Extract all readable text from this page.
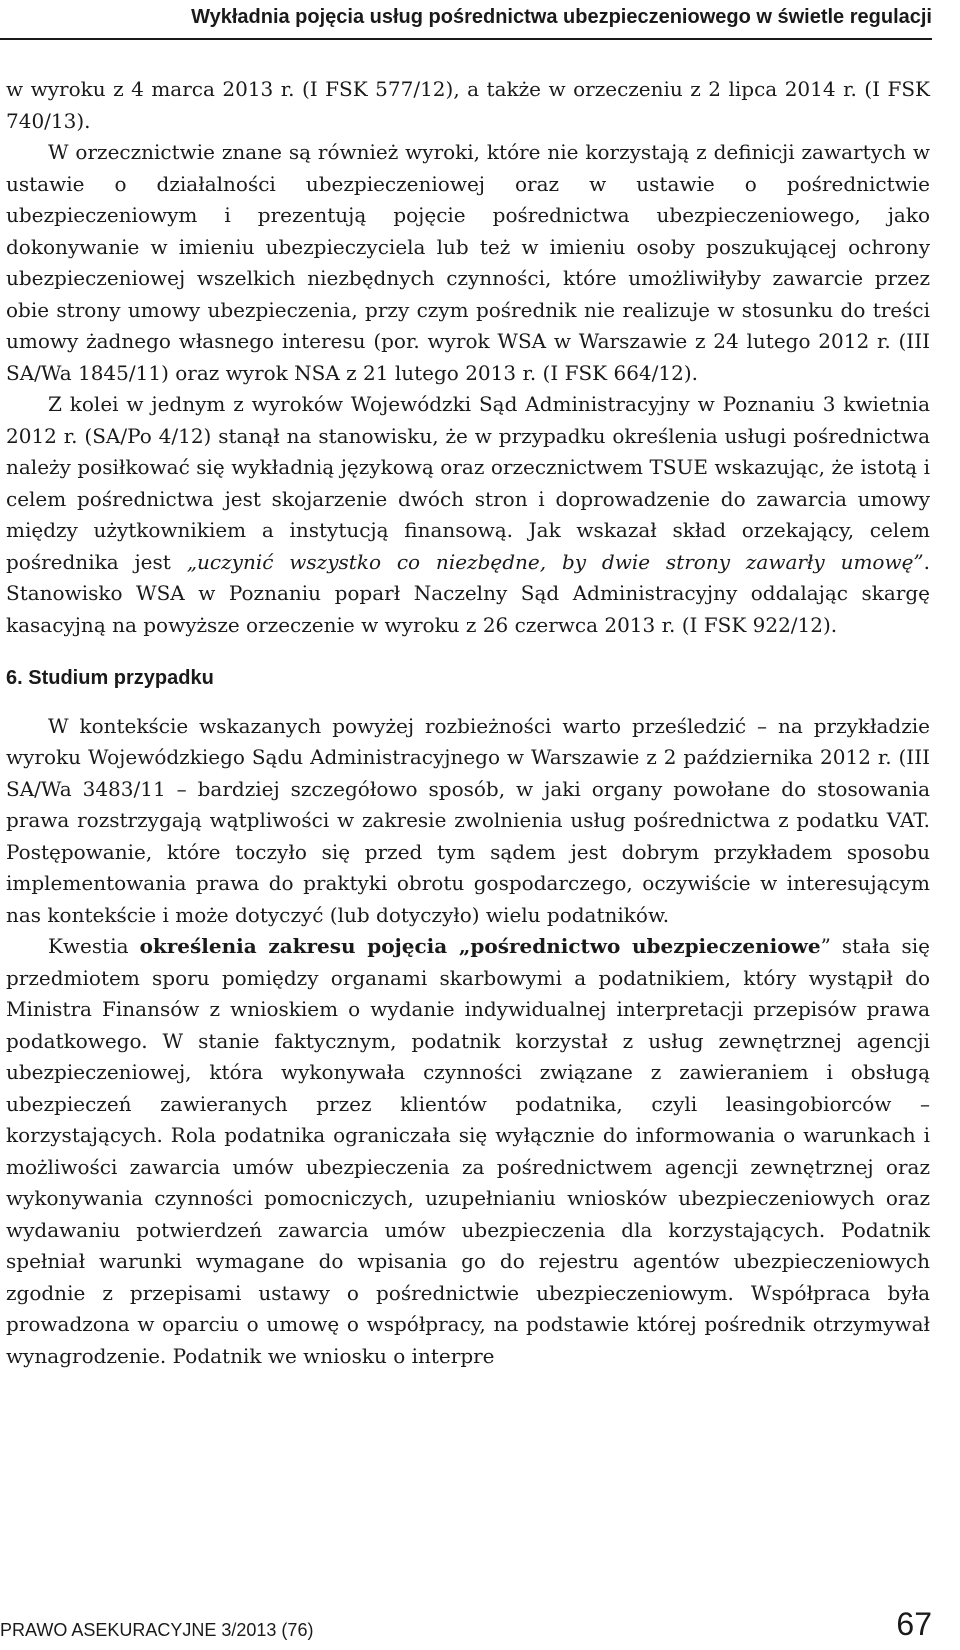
Wykładnia pojęcia usług pośrednictwa ubezpieczeniowego w świetle regulacji

w wyroku z 4 marca 2013 r. (I FSK 577/12), a także w orzeczeniu z 2 lipca 2014 r. (I FSK 740/13).

W orzecznictwie znane są również wyroki, które nie korzystają z definicji zawartych w ustawie o działalności ubezpieczeniowej oraz w ustawie o pośrednictwie ubezpieczeniowym i prezentują pojęcie pośrednictwa ubezpieczeniowego, jako dokonywanie w imieniu ubezpieczyciela lub też w imieniu osoby poszukującej ochrony ubezpieczeniowej wszelkich niezbędnych czynności, które umożliwiłyby zawarcie przez obie strony umowy ubezpieczenia, przy czym pośrednik nie realizuje w stosunku do treści umowy żadnego własnego interesu (por. wyrok WSA w Warszawie z 24 lutego 2012 r. (III SA/Wa 1845/11) oraz wyrok NSA z 21 lutego 2013 r. (I FSK 664/12).

Z kolei w jednym z wyroków Wojewódzki Sąd Administracyjny w Poznaniu 3 kwietnia 2012 r. (SA/Po 4/12) stanął na stanowisku, że w przypadku określenia usługi pośrednictwa należy posiłkować się wykładnią językową oraz orzecznictwem TSUE wskazując, że istotą i celem pośrednictwa jest skojarzenie dwóch stron i doprowadzenie do zawarcia umowy między użytkownikiem a instytucją finansową. Jak wskazał skład orzekający, celem pośrednika jest „uczynić wszystko co niezbędne, by dwie strony zawarły umowę”. Stanowisko WSA w Poznaniu poparł Naczelny Sąd Administracyjny oddalając skargę kasacyjną na powyższe orzeczenie w wyroku z 26 czerwca 2013 r. (I FSK 922/12).

6. Studium przypadku

W kontekście wskazanych powyżej rozbieżności warto prześledzić – na przykładzie wyroku Wojewódzkiego Sądu Administracyjnego w Warszawie z 2 października 2012 r. (III SA/Wa 3483/11 – bardziej szczegółowo sposób, w jaki organy powołane do stosowania prawa rozstrzygają wątpliwości w zakresie zwolnienia usług pośrednictwa z podatku VAT. Postępowanie, które toczyło się przed tym sądem jest dobrym przykładem sposobu implementowania prawa do praktyki obrotu gospodarczego, oczywiście w interesującym nas kontekście i może dotyczyć (lub dotyczyło) wielu podatników.

Kwestia określenia zakresu pojęcia „pośrednictwo ubezpieczeniowe” stała się przedmiotem sporu pomiędzy organami skarbowymi a podatnikiem, który wystąpił do Ministra Finansów z wnioskiem o wydanie indywidualnej interpretacji przepisów prawa podatkowego. W stanie faktycznym, podatnik korzystał z usług zewnętrznej agencji ubezpieczeniowej, która wykonywała czynności związane z zawieraniem i obsługą ubezpieczeń zawieranych przez klientów podatnika, czyli leasingobiorców – korzystających. Rola podatnika ograniczała się wyłącznie do informowania o warunkach i możliwości zawarcia umów ubezpieczenia za pośrednictwem agencji zewnętrznej oraz wykonywania czynności pomocniczych, uzupełnianiu wniosków ubezpieczeniowych oraz wydawaniu potwierdzeń zawarcia umów ubezpieczenia dla korzystających. Podatnik spełniał warunki wymagane do wpisania go do rejestru agentów ubezpieczeniowych zgodnie z przepisami ustawy o pośrednictwie ubezpieczeniowym. Współpraca była prowadzona w oparciu o umowę o współpracy, na podstawie której pośrednik otrzymywał wynagrodzenie. Podatnik we wniosku o interpre

PRAWO ASEKURACYJNE 3/2013 (76)	67
